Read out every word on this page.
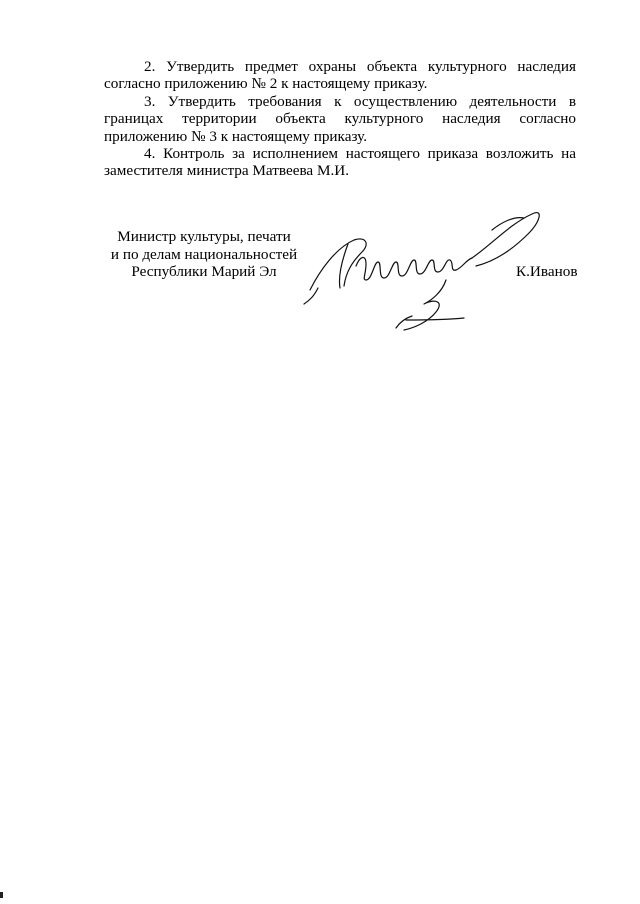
2. Утвердить предмет охраны объекта культурного наследия согласно приложению № 2 к настоящему приказу.

3. Утвердить требования к осуществлению деятельности в границах территории объекта культурного наследия согласно приложению № 3 к настоящему приказу.

4. Контроль за исполнением настоящего приказа возложить на заместителя министра Матвеева М.И.

Министр культуры, печати
и по делам национальностей
Республики Марий Эл	К.Иванов
